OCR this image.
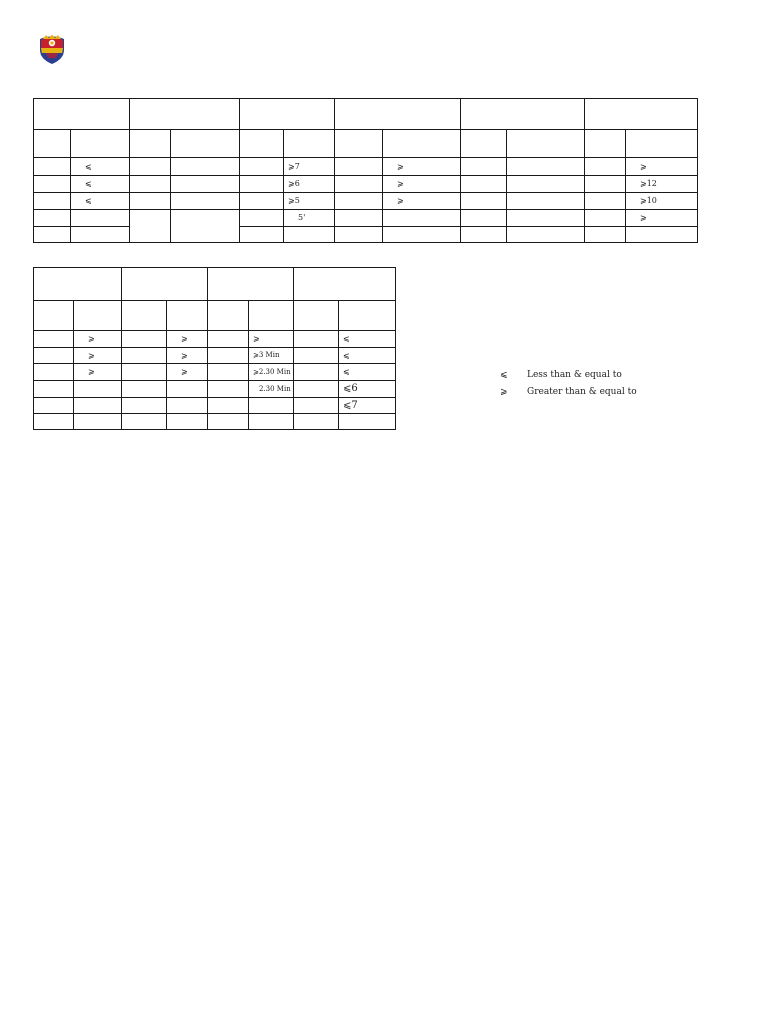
	⩽				⩾7		⩾				⩾
	⩽				⩾6		⩾				⩾12
	⩽				⩾5		⩾				⩾10
					5'						⩾

	⩾		⩾		⩾		⩽
	⩾		⩾		⩾3 Min		⩽
	⩾		⩾		⩾2.30 Min		⩽
					2.30 Min		⩽6
							⩽7

⩽	Less than & equal to
⩾	Greater than & equal to
